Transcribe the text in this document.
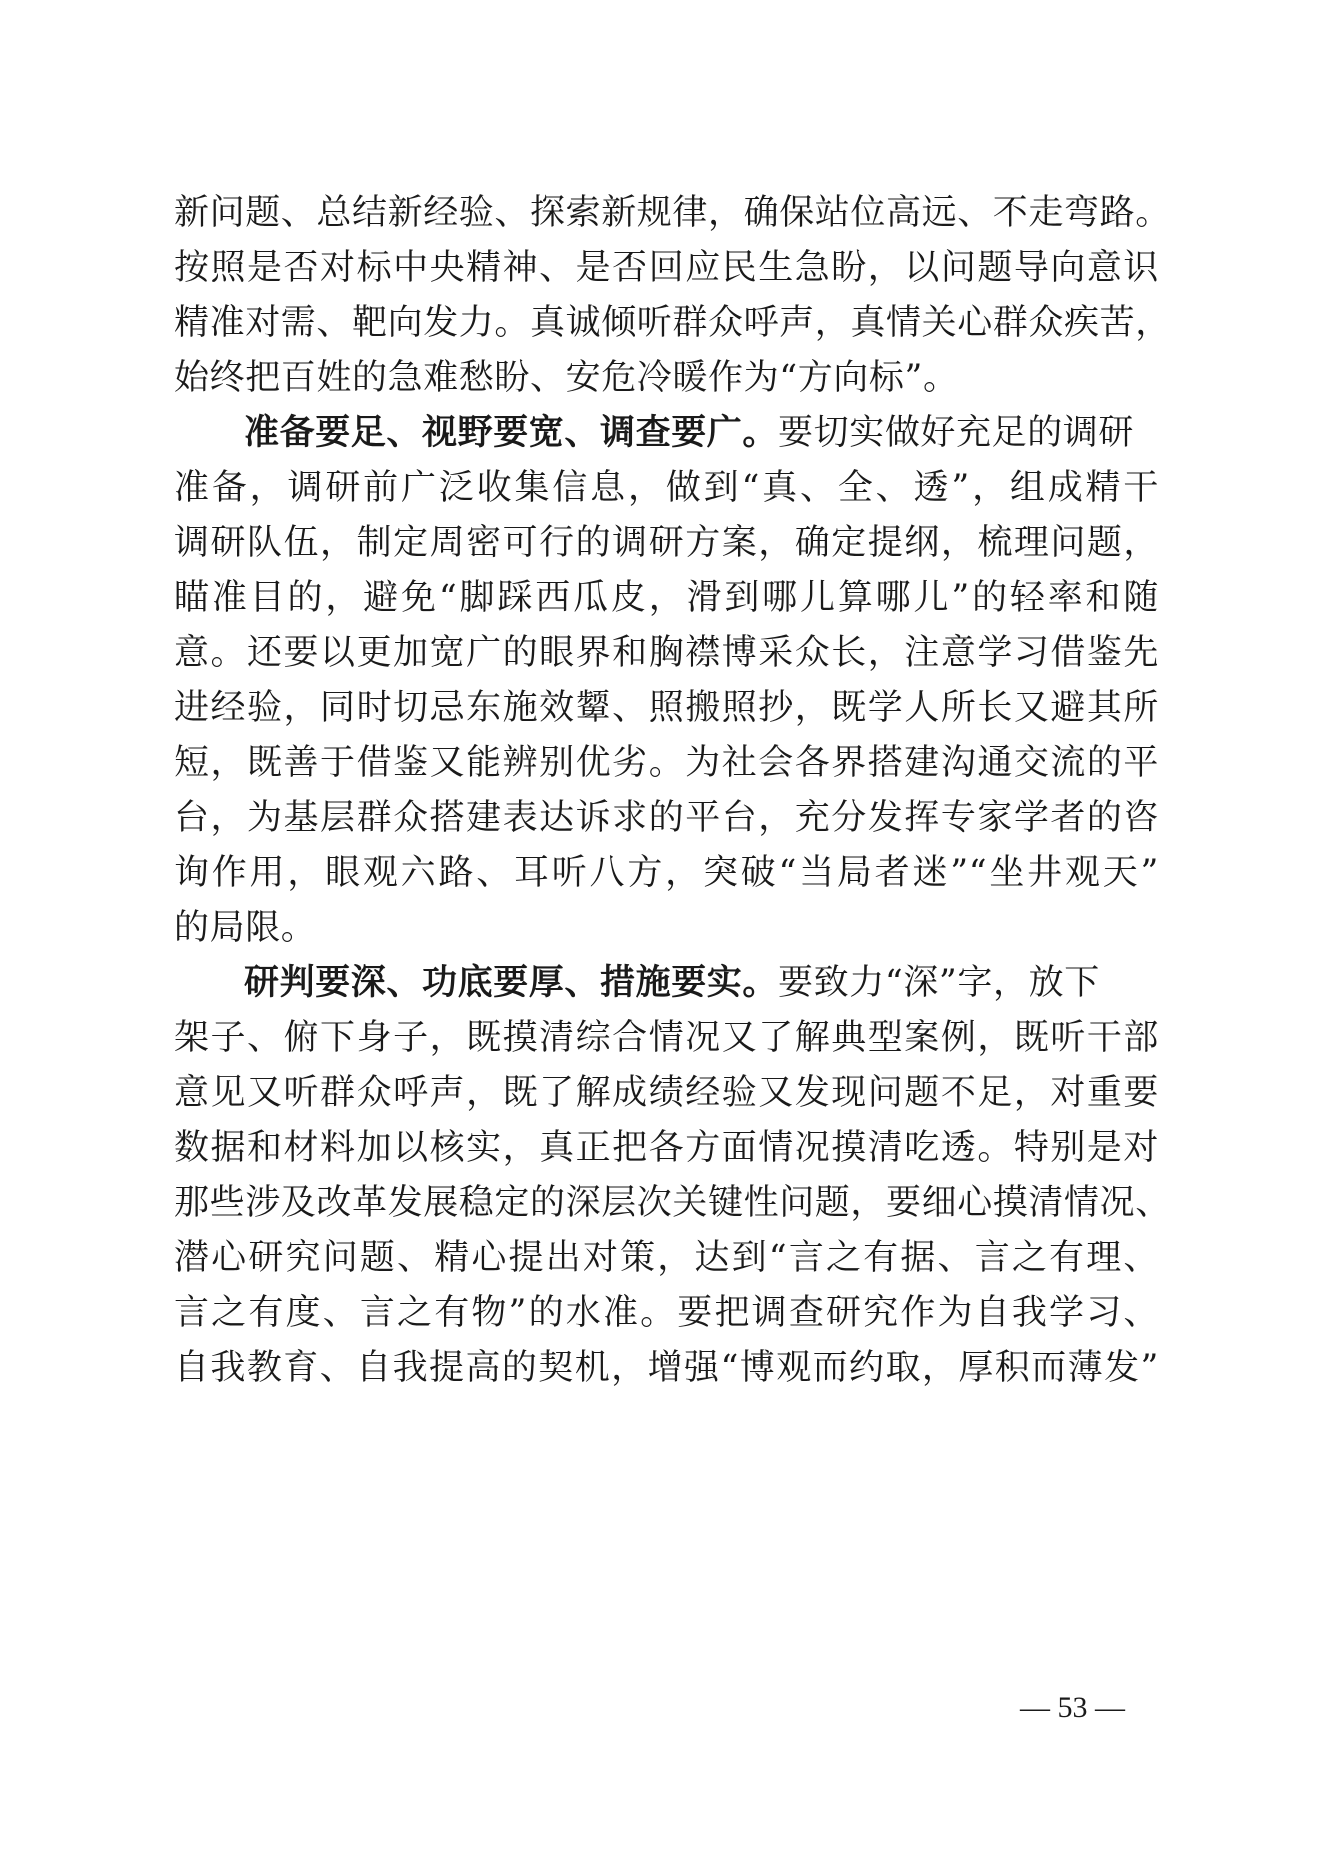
新问题、总结新经验、探索新规律，确保站位高远、不走弯路。
按照是否对标中央精神、是否回应民生急盼，以问题导向意识
精准对需、靶向发力。真诚倾听群众呼声，真情关心群众疾苦，
始终把百姓的急难愁盼、安危冷暖作为“方向标”。
准备要足、视野要宽、调查要广。要切实做好充足的调研
准备，调研前广泛收集信息，做到“真、全、透”，组成精干
调研队伍，制定周密可行的调研方案，确定提纲，梳理问题，
瞄准目的，避免“脚踩西瓜皮，滑到哪儿算哪儿”的轻率和随
意。还要以更加宽广的眼界和胸襟博采众长，注意学习借鉴先
进经验，同时切忌东施效颦、照搬照抄，既学人所长又避其所
短，既善于借鉴又能辨别优劣。为社会各界搭建沟通交流的平
台，为基层群众搭建表达诉求的平台，充分发挥专家学者的咨
询作用，眼观六路、耳听八方，突破“当局者迷”“坐井观天”
的局限。
研判要深、功底要厚、措施要实。要致力“深”字，放下
架子、俯下身子，既摸清综合情况又了解典型案例，既听干部
意见又听群众呼声，既了解成绩经验又发现问题不足，对重要
数据和材料加以核实，真正把各方面情况摸清吃透。特别是对
那些涉及改革发展稳定的深层次关键性问题，要细心摸清情况、
潜心研究问题、精心提出对策，达到“言之有据、言之有理、
言之有度、言之有物”的水准。要把调查研究作为自我学习、
自我教育、自我提高的契机，增强“博观而约取，厚积而薄发”
— 53 —
